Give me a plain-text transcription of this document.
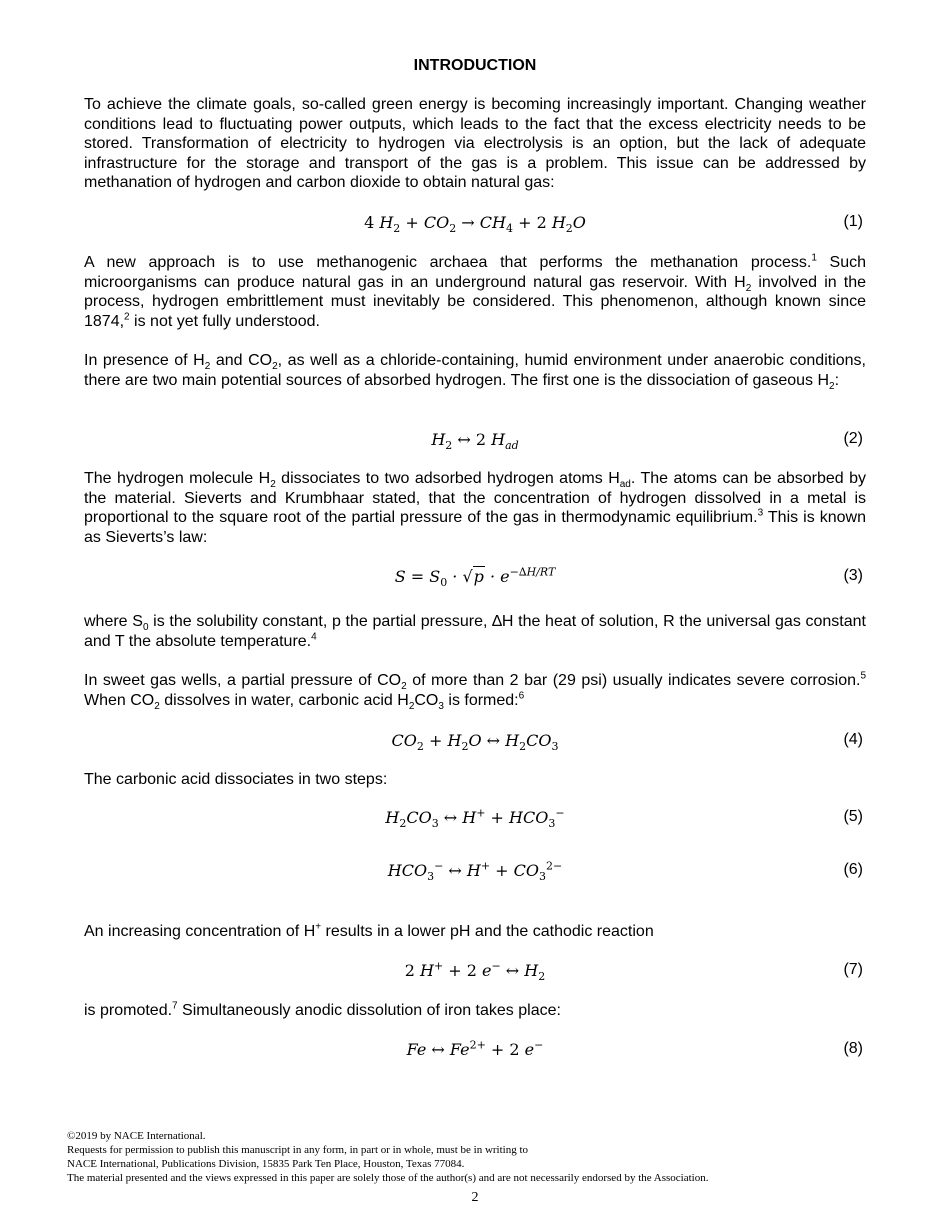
INTRODUCTION

To achieve the climate goals, so-called green energy is becoming increasingly important. Changing weather conditions lead to fluctuating power outputs, which leads to the fact that the excess electricity needs to be stored. Transformation of electricity to hydrogen via electrolysis is an option, but the lack of adequate infrastructure for the storage and transport of the gas is a problem. This issue can be addressed by methanation of hydrogen and carbon dioxide to obtain natural gas:

4 $H_2 + CO_2 \to CH_4 + 2$ $H_2O$	(1)

A new approach is to use methanogenic archaea that performs the methanation process.$^1$ Such microorganisms can produce natural gas in an underground natural gas reservoir. With $H_2$ involved in the process, hydrogen embrittlement must inevitably be considered. This phenomenon, although known since 1874,$^2$ is not yet fully understood.

In presence of $H_2$ and $CO_2$, as well as a chloride-containing, humid environment under anaerobic conditions, there are two main potential sources of absorbed hydrogen. The first one is the dissociation of gaseous $H_2$:

$H_2$ ↔ 2 $H_{ad}$	(2)

The hydrogen molecule $H_2$ dissociates to two adsorbed hydrogen atoms $H_{ad}$. The atoms can be absorbed by the material. Sieverts and Krumbhaar stated, that the concentration of hydrogen dissolved in a metal is proportional to the square root of the partial pressure of the gas in thermodynamic equilibrium.$^3$ This is known as Sieverts’s law:

$S = S_0 \cdot √p \cdot e^{-\Delta H/RT}$	(3)

where $S_0$ is the solubility constant, p the partial pressure, ∆H the heat of solution, R the universal gas constant and T the absolute temperature.$^4$

In sweet gas wells, a partial pressure of $CO_2$ of more than 2 bar (29 psi) usually indicates severe corrosion.$^5$ When $CO_2$ dissolves in water, carbonic acid $H_2CO_3$ is formed:$^6$

$CO_2 + H_2O$ ↔ $H_2CO_3$	(4)

The carbonic acid dissociates in two steps:

$H_2CO_3$ ↔ $H^+ + HCO_3^-$	(5)
$HCO_3^-$ ↔ $H^+ + CO_3^{2-}$	(6)

An increasing concentration of H+ results in a lower pH and the cathodic reaction

2 H+ + 2 e− ↔ $H_2$	(7)

is promoted.$^7$ Simultaneously anodic dissolution of iron takes place:

Fe ↔ $Fe^{2+} + 2$ e−	(8)
©2019 by NACE International.
Requests for permission to publish this manuscript in any form, in part or in whole, must be in writing to
NACE International, Publications Division, 15835 Park Ten Place, Houston, Texas 77084.
The material presented and the views expressed in this paper are solely those of the author(s) and are not necessarily endorsed by the Association.
2
